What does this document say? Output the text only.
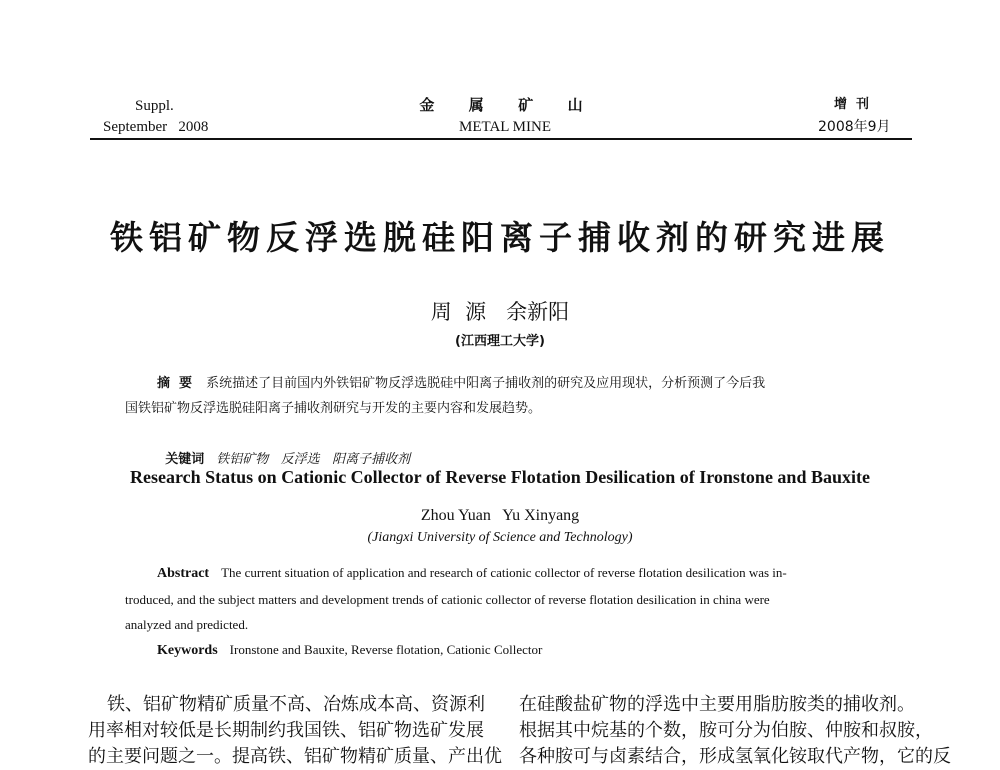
Suppl.
September 2008
金  属  矿  山
METAL MINE
增  刊
2008年9月
铁铝矿物反浮选脱硅阳离子捕收剂的研究进展
周  源   余新阳
(江西理工大学)
摘  要 系统描述了目前国内外铁铝矿物反浮选脱硅中阳离子捕收剂的研究及应用现状，分析预测了今后我
国铁铝矿物反浮选脱硅阳离子捕收剂研究与开发的主要内容和发展趋势。

关键词 铁铝矿物   反浮选   阳离子捕收剂

Research Status on Cationic Collector of Reverse Flotation Desilication of Ironstone and Bauxite
Zhou Yuan   Yu Xinyang
(Jiangxi University of Science and Technology)
Abstract The current situation of application and research of cationic collector of reverse flotation desilication was in-
troduced, and the subject matters and development trends of cationic collector of reverse flotation desilication in china were
analyzed and predicted.
Keywords Ironstone and Bauxite, Reverse flotation, Cationic Collector
铁、铝矿物精矿质量不高、冶炼成本高、资源利
用率相对较低是长期制约我国铁、铝矿物选矿发展
的主要问题之一。提高铁、铝矿物精矿质量、产出优
在硅酸盐矿物的浮选中主要用脂肪胺类的捕收剂。
根据其中烷基的个数，胺可分为伯胺、仲胺和叔胺，
各种胺可与卤素结合，形成氢氧化铵取代产物，它的反
